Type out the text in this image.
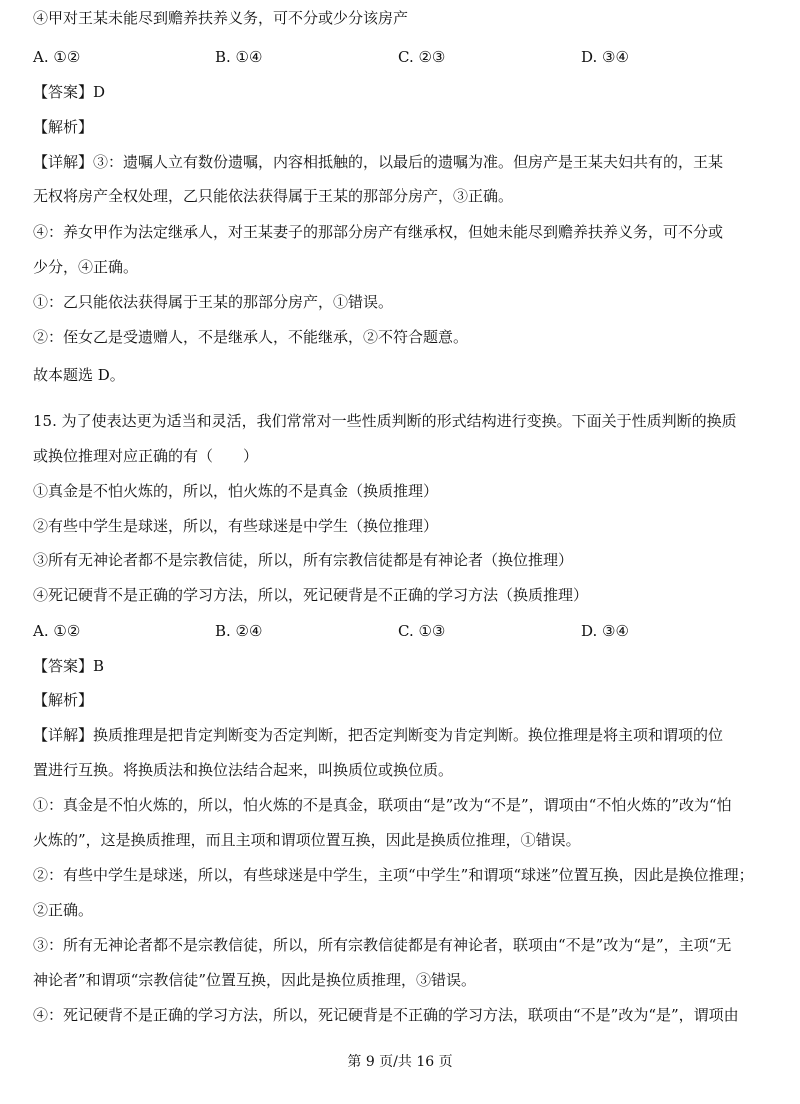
④甲对王某未能尽到赡养扶养义务，可不分或少分该房产
A. ①②	B. ①④	C. ②③	D. ③④
【答案】D
【解析】
【详解】③：遗嘱人立有数份遗嘱，内容相抵触的，以最后的遗嘱为准。但房产是王某夫妇共有的，王某
无权将房产全权处理，乙只能依法获得属于王某的那部分房产，③正确。
④：养女甲作为法定继承人，对王某妻子的那部分房产有继承权，但她未能尽到赡养扶养义务，可不分或
少分，④正确。
①：乙只能依法获得属于王某的那部分房产，①错误。
②：侄女乙是受遗赠人，不是继承人，不能继承，②不符合题意。
故本题选 D。
15. 为了使表达更为适当和灵活，我们常常对一些性质判断的形式结构进行变换。下面关于性质判断的换质
或换位推理对应正确的有（　　）
①真金是不怕火炼的，所以，怕火炼的不是真金（换质推理）
②有些中学生是球迷，所以，有些球迷是中学生（换位推理）
③所有无神论者都不是宗教信徒，所以，所有宗教信徒都是有神论者（换位推理）
④死记硬背不是正确的学习方法，所以，死记硬背是不正确的学习方法（换质推理）
A. ①②	B. ②④	C. ①③	D. ③④
【答案】B
【解析】
【详解】换质推理是把肯定判断变为否定判断，把否定判断变为肯定判断。换位推理是将主项和谓项的位
置进行互换。将换质法和换位法结合起来，叫换质位或换位质。
①：真金是不怕火炼的，所以，怕火炼的不是真金，联项由“是”改为“不是”，谓项由“不怕火炼的”改为“怕
火炼的”，这是换质推理，而且主项和谓项位置互换，因此是换质位推理，①错误。
②：有些中学生是球迷，所以，有些球迷是中学生，主项“中学生”和谓项“球迷”位置互换，因此是换位推理；
②正确。
③：所有无神论者都不是宗教信徒，所以，所有宗教信徒都是有神论者，联项由“不是”改为“是”，主项“无
神论者”和谓项“宗教信徒”位置互换，因此是换位质推理，③错误。
④：死记硬背不是正确的学习方法，所以，死记硬背是不正确的学习方法，联项由“不是”改为“是”，谓项由
第 9 页/共 16 页
